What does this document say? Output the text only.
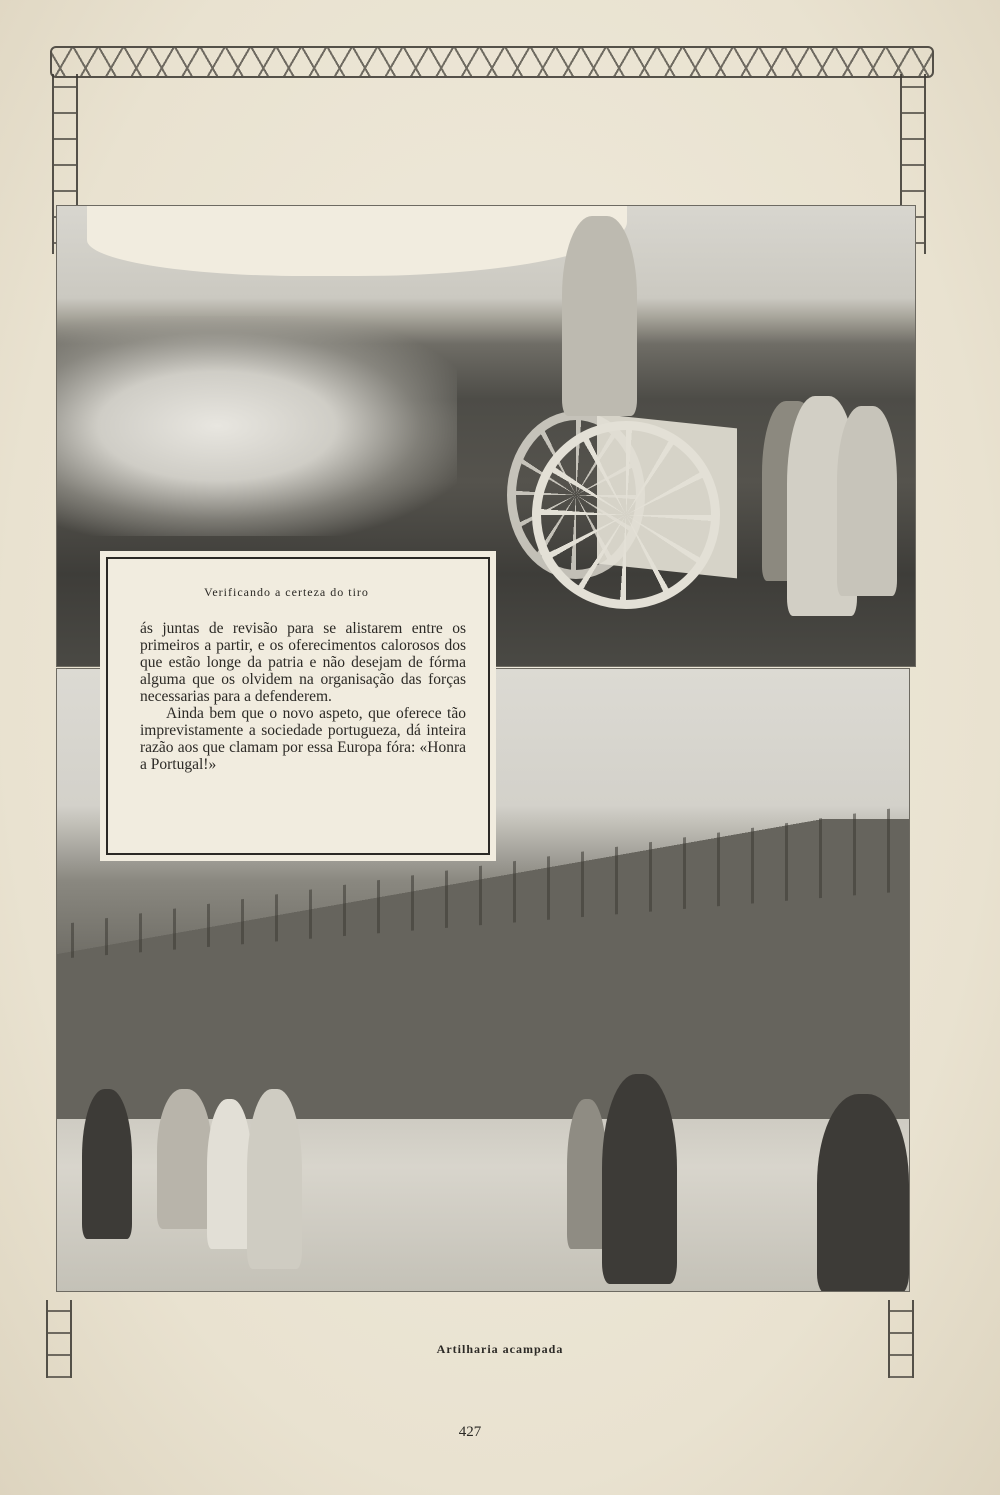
Verificando a certeza do tiro

ás juntas de revisão para se alistarem entre os primeiros a partir, e os oferecimentos calorosos dos que estão longe da patria e não desejam de fórma alguma que os olvidem na organisação das forças necessarias para a defenderem.

Ainda bem que o novo aspeto, que oferece tão imprevistamente a sociedade portugueza, dá inteira razão aos que clamam por essa Europa fóra: «Honra a Portugal!»

Artilharia acampada
427
